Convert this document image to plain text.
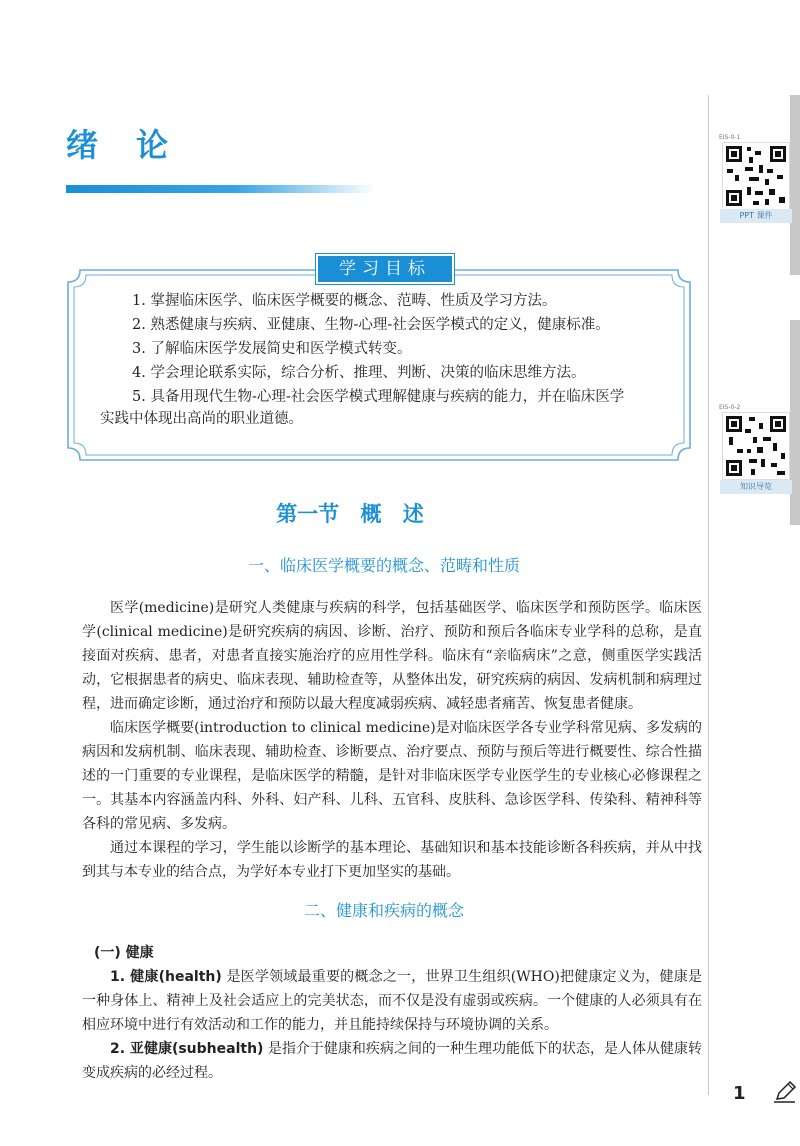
绪论	EIS-0-1
PPT 课件
EIS-0-2
知识导览
学习目标
1. 掌握临床医学、临床医学概要的概念、范畴、性质及学习方法。
2. 熟悉健康与疾病、亚健康、生物-心理-社会医学模式的定义，健康标准。
3. 了解临床医学发展简史和医学模式转变。
4. 学会理论联系实际，综合分析、推理、判断、决策的临床思维方法。
5. 具备用现代生物-心理-社会医学模式理解健康与疾病的能力，并在临床医学
实践中体现出高尚的职业道德。
第一节 概 述
一、临床医学概要的概念、范畴和性质
医学(medicine)是研究人类健康与疾病的科学，包括基础医学、临床医学和预防医学。临床医学(clinical medicine)是研究疾病的病因、诊断、治疗、预防和预后各临床专业学科的总称，是直接面对疾病、患者，对患者直接实施治疗的应用性学科。临床有“亲临病床”之意，侧重医学实践活动，它根据患者的病史、临床表现、辅助检查等，从整体出发，研究疾病的病因、发病机制和病理过程，进而确定诊断，通过治疗和预防以最大程度减弱疾病、减轻患者痛苦、恢复患者健康。
临床医学概要(introduction to clinical medicine)是对临床医学各专业学科常见病、多发病的病因和发病机制、临床表现、辅助检查、诊断要点、治疗要点、预防与预后等进行概要性、综合性描述的一门重要的专业课程，是临床医学的精髓，是针对非临床医学专业医学生的专业核心必修课程之一。其基本内容涵盖内科、外科、妇产科、儿科、五官科、皮肤科、急诊医学科、传染科、精神科等各科的常见病、多发病。
通过本课程的学习，学生能以诊断学的基本理论、基础知识和基本技能诊断各科疾病，并从中找到其与本专业的结合点，为学好本专业打下更加坚实的基础。
二、健康和疾病的概念
(一) 健康
1. 健康(health) 是医学领域最重要的概念之一，世界卫生组织(WHO)把健康定义为，健康是一种身体上、精神上及社会适应上的完美状态，而不仅是没有虚弱或疾病。一个健康的人必须具有在相应环境中进行有效活动和工作的能力，并且能持续保持与环境协调的关系。
2. 亚健康(subhealth) 是指介于健康和疾病之间的一种生理功能低下的状态，是人体从健康转变成疾病的必经过程。
1
